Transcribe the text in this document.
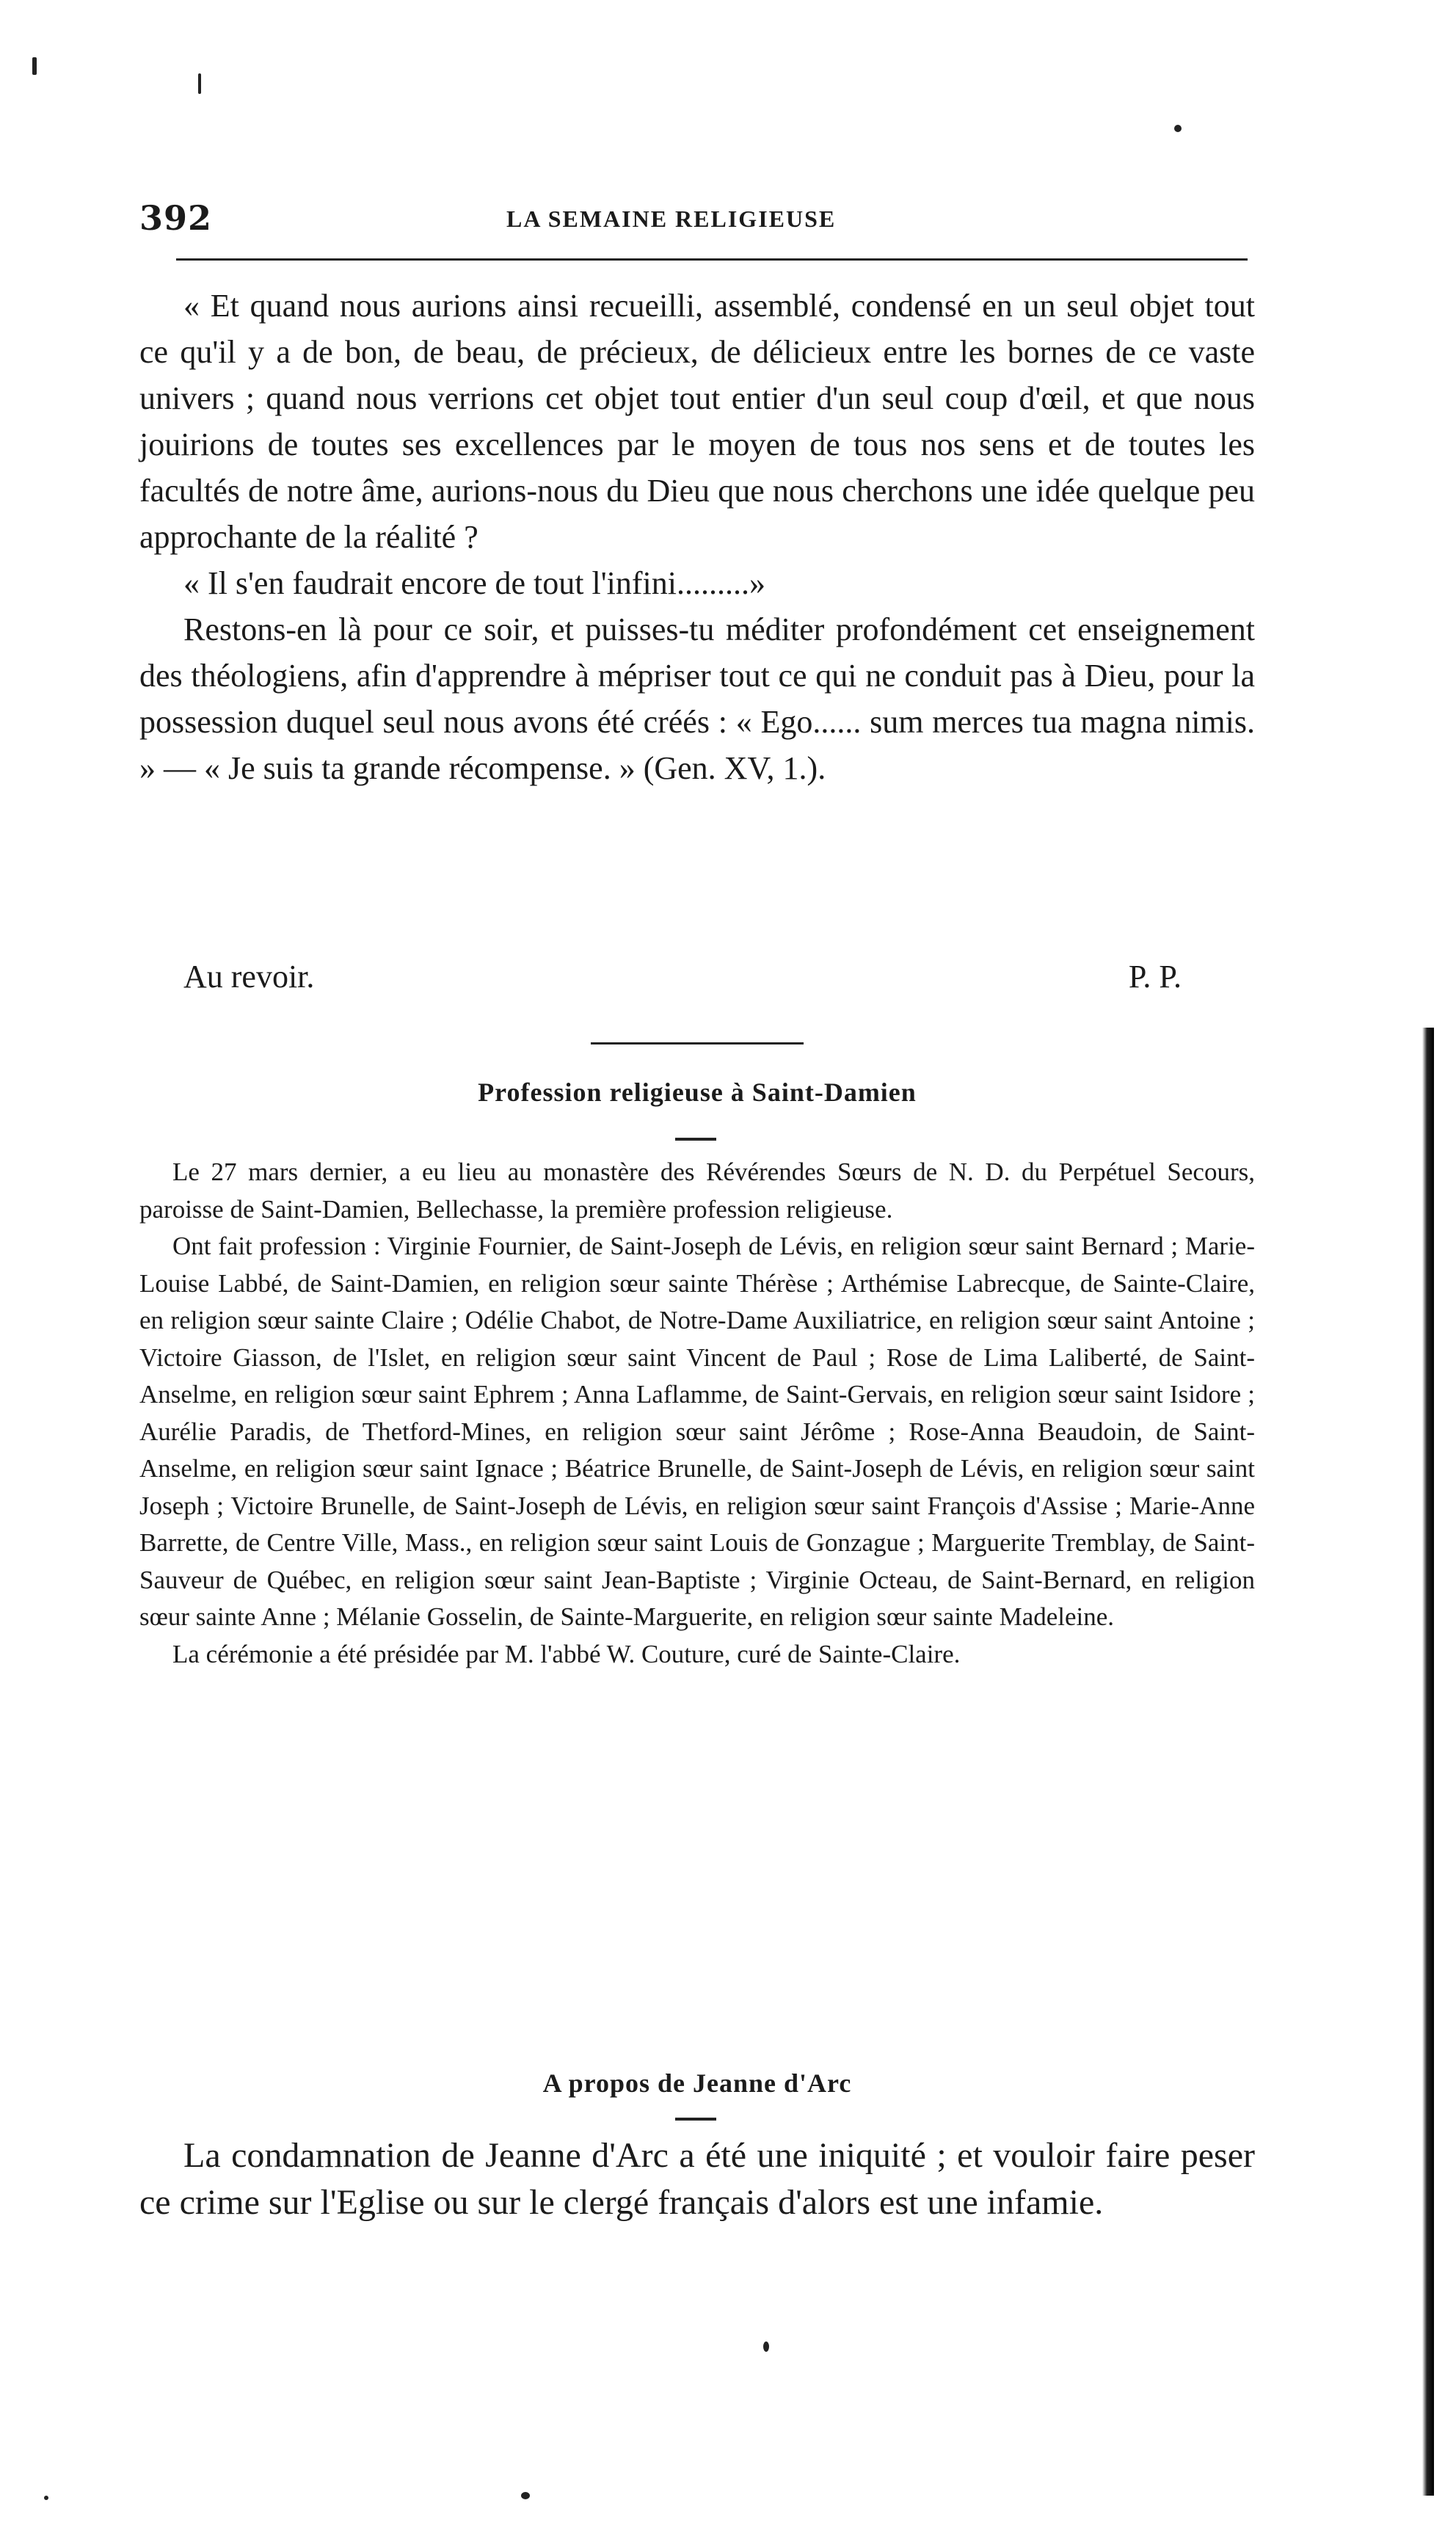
392	LA SEMAINE RELIGIEUSE

« Et quand nous aurions ainsi recueilli, assemblé, condensé en un seul objet tout ce qu'il y a de bon, de beau, de précieux, de délicieux entre les bornes de ce vaste univers ; quand nous verrions cet objet tout entier d'un seul coup d'œil, et que nous jouirions de toutes ses excellences par le moyen de tous nos sens et de toutes les facultés de notre âme, aurions-nous du Dieu que nous cherchons une idée quelque peu approchante de la réalité ?

« Il s'en faudrait encore de tout l'infini.........»

Restons-en là pour ce soir, et puisses-tu méditer profondément cet enseignement des théologiens, afin d'apprendre à mépriser tout ce qui ne conduit pas à Dieu, pour la possession duquel seul nous avons été créés : « Ego...... sum merces tua magna nimis. » — « Je suis ta grande récompense. » (Gen. XV, 1.).

Au revoir.	P. P.
Profession religieuse à Saint-Damien

Le 27 mars dernier, a eu lieu au monastère des Révérendes Sœurs de N. D. du Perpétuel Secours, paroisse de Saint-Damien, Bellechasse, la première profession religieuse.

Ont fait profession : Virginie Fournier, de Saint-Joseph de Lévis, en religion sœur saint Bernard ; Marie-Louise Labbé, de Saint-Damien, en religion sœur sainte Thérèse ; Arthémise Labrecque, de Sainte-Claire, en religion sœur sainte Claire ; Odélie Chabot, de Notre-Dame Auxiliatrice, en religion sœur saint Antoine ; Victoire Giasson, de l'Islet, en religion sœur saint Vincent de Paul ; Rose de Lima Laliberté, de Saint-Anselme, en religion sœur saint Ephrem ; Anna Laflamme, de Saint-Gervais, en religion sœur saint Isidore ; Aurélie Paradis, de Thetford-Mines, en religion sœur saint Jérôme ; Rose-Anna Beaudoin, de Saint-Anselme, en religion sœur saint Ignace ; Béatrice Brunelle, de Saint-Joseph de Lévis, en religion sœur saint Joseph ; Victoire Brunelle, de Saint-Joseph de Lévis, en religion sœur saint François d'Assise ; Marie-Anne Barrette, de Centre Ville, Mass., en religion sœur saint Louis de Gonzague ; Marguerite Tremblay, de Saint-Sauveur de Québec, en religion sœur saint Jean-Baptiste ; Virginie Octeau, de Saint-Bernard, en religion sœur sainte Anne ; Mélanie Gosselin, de Sainte-Marguerite, en religion sœur sainte Madeleine.

La cérémonie a été présidée par M. l'abbé W. Couture, curé de Sainte-Claire.

A propos de Jeanne d'Arc

La condamnation de Jeanne d'Arc a été une iniquité ; et vouloir faire peser ce crime sur l'Eglise ou sur le clergé français d'alors est une infamie.
